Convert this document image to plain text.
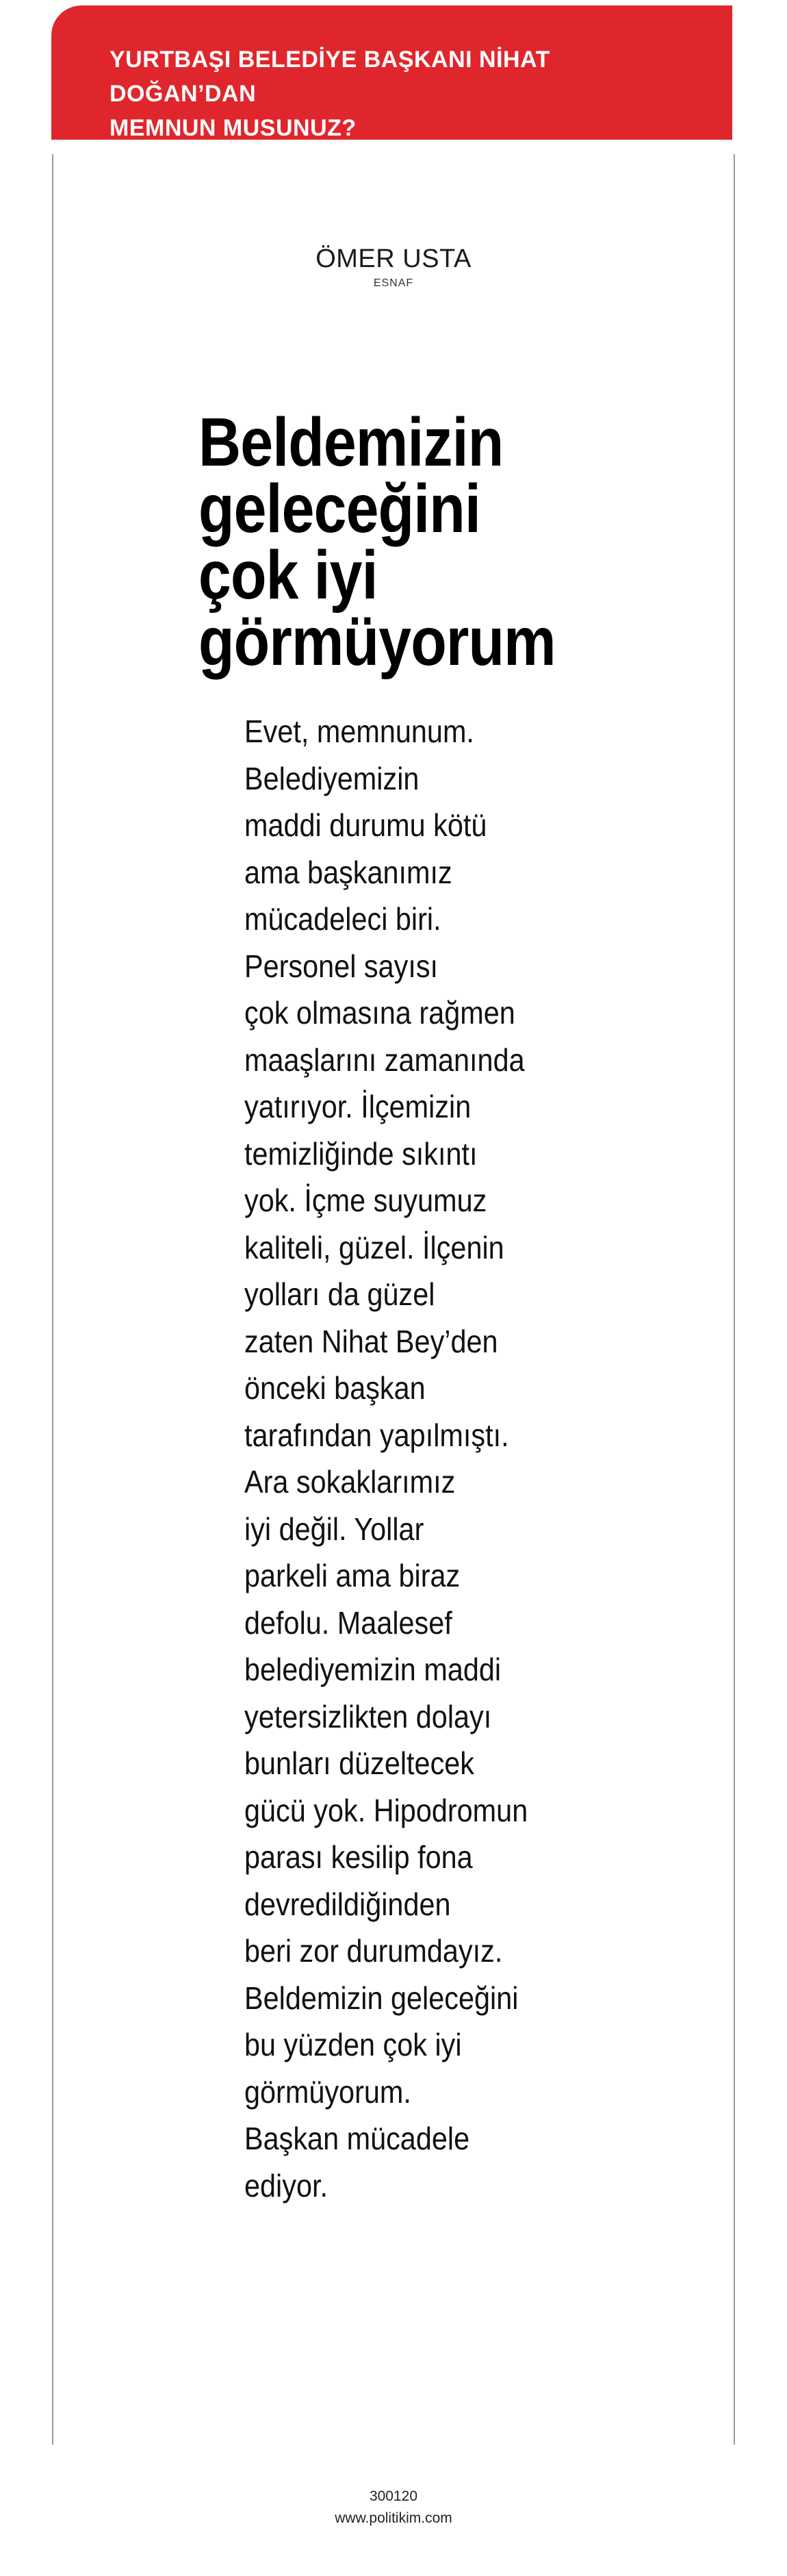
YURTBAŞI BELEDİYE BAŞKANI NİHAT DOĞAN’DAN
MEMNUN MUSUNUZ?
ÖMER USTA
ESNAF
Beldemizin
geleceğini
çok iyi
görmüyorum
Evet, memnunum.
Belediyemizin
maddi durumu kötü
ama başkanımız
mücadeleci biri.
Personel sayısı
çok olmasına rağmen
maaşlarını zamanında
yatırıyor. İlçemizin
temizliğinde sıkıntı
yok. İçme suyumuz
kaliteli, güzel. İlçenin
yolları da güzel
zaten Nihat Bey’den
önceki başkan
tarafından yapılmıştı.
Ara sokaklarımız
iyi değil. Yollar
parkeli ama biraz
defolu. Maalesef
belediyemizin maddi
yetersizlikten dolayı
bunları düzeltecek
gücü yok. Hipodromun
parası kesilip fona
devredildiğinden
beri zor durumdayız.
Beldemizin geleceğini
bu yüzden çok iyi
görmüyorum.
Başkan mücadele
ediyor.
300120
www.politikim.com
